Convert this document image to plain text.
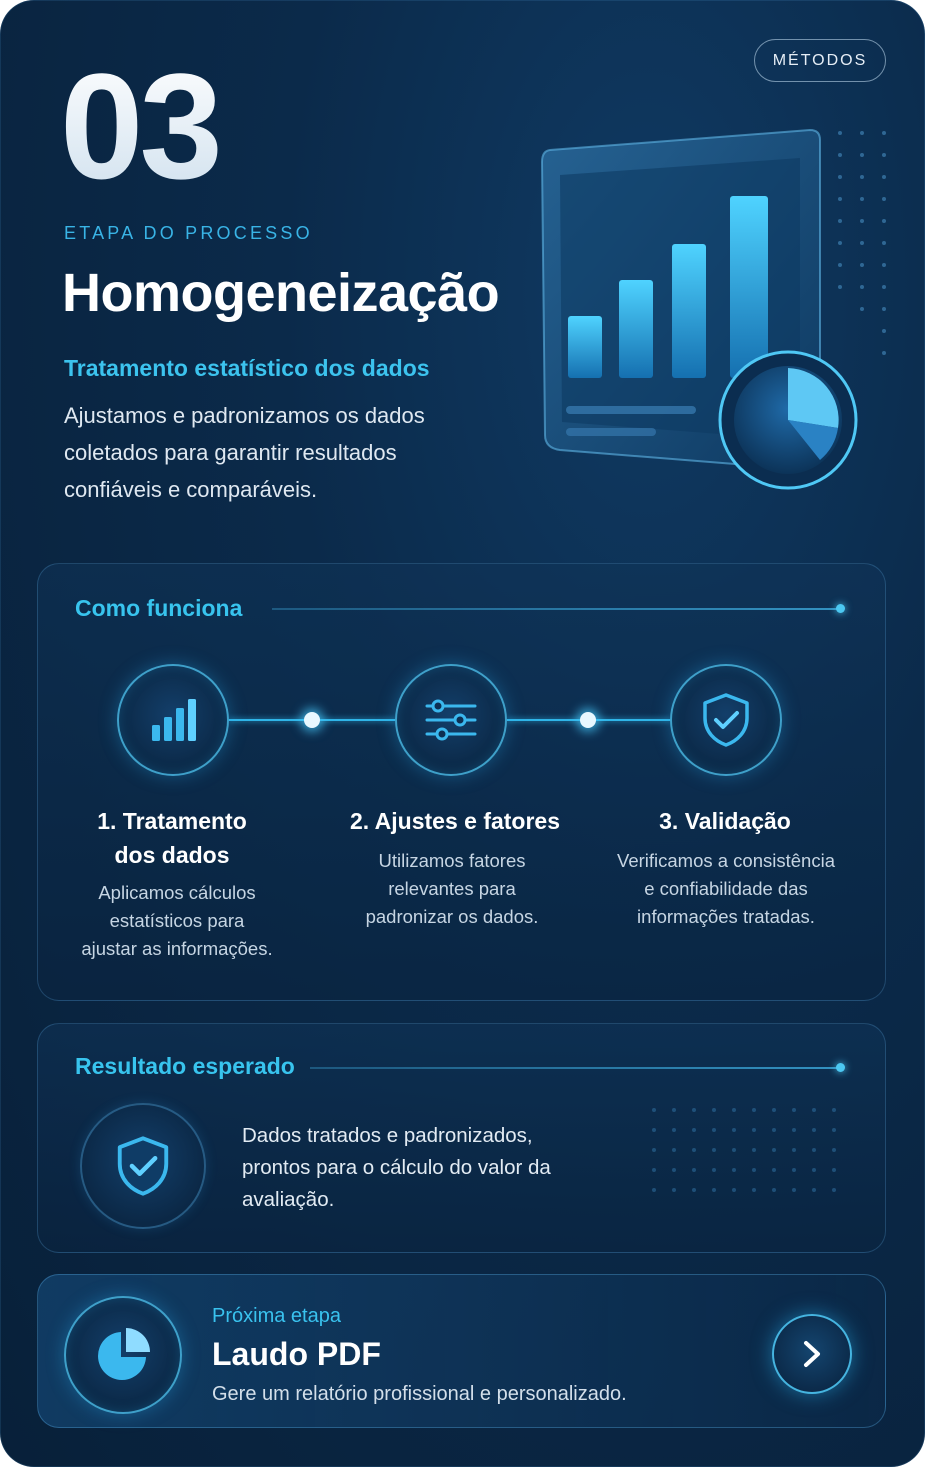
MÉTODOS
03
ETAPA DO PROCESSO
Homogeneização
Tratamento estatístico dos dados
Ajustamos e padronizamos os dados coletados para garantir resultados confiáveis e comparáveis.
Como funciona
1. Tratamento
dos dados
Aplicamos cálculos
estatísticos para
ajustar as informações.
2. Ajustes e fatores
Utilizamos fatores
relevantes para
padronizar os dados.
3. Validação
Verificamos a consistência
e confiabilidade das
informações tratadas.
Resultado esperado
Dados tratados e padronizados, prontos para o cálculo do valor da avaliação.
Próxima etapa
Laudo PDF
Gere um relatório profissional e personalizado.
